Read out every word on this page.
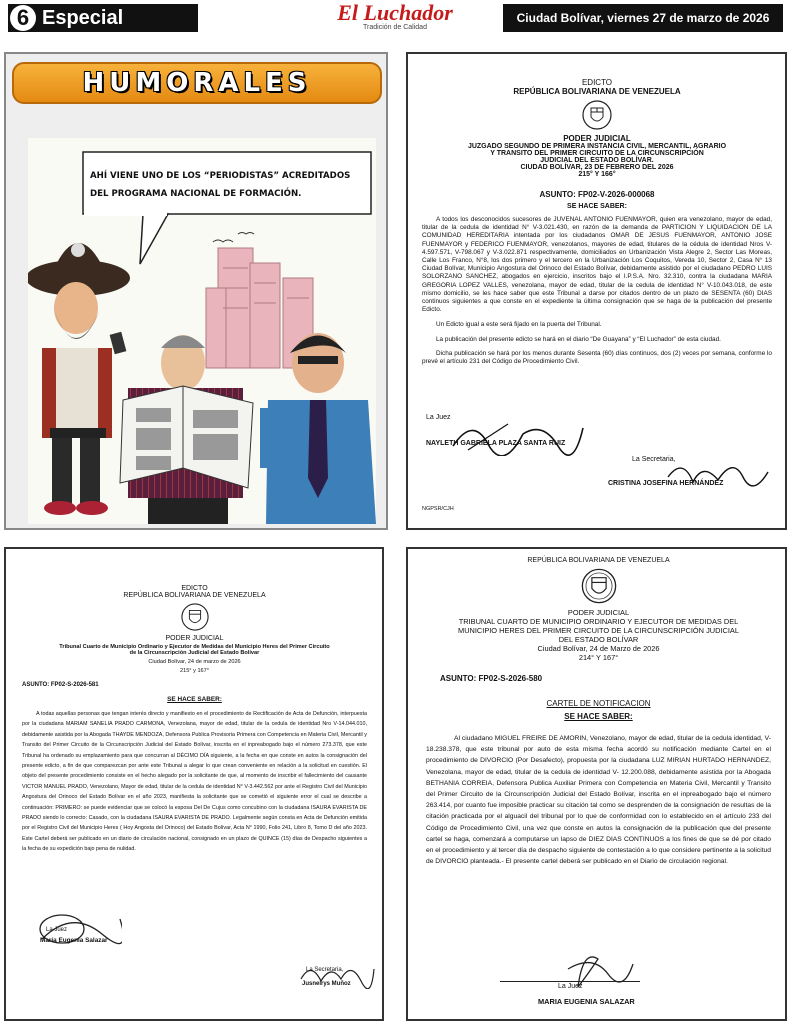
6 Especial	El Luchador
Tradición de Calidad
Ciudad Bolívar, viernes 27 de marzo de 2026
HUMORALES
AHÍ VIENE UNO DE LOS “PERIODISTAS” ACREDITADOS
DEL PROGRAMA NACIONAL DE FORMACIÓN.
EDICTO
REPÚBLICA BOLIVARIANA DE VENEZUELA
PODER JUDICIAL
JUZGADO SEGUNDO DE PRIMERA INSTANCIA CIVIL, MERCANTIL, AGRARIO
Y TRANSITO DEL PRIMER CIRCUITO DE LA CIRCUNSCRIPCIÓN
JUDICIAL DEL ESTADO BOLÍVAR.
CIUDAD BOLÍVAR, 23 DE FEBRERO DEL 2026
215° Y 166°
ASUNTO: FP02-V-2026-000068
SE HACE SABER:

A todos los desconocidos sucesores de JUVENAL ANTONIO FUENMAYOR, quien era venezolano, mayor de edad, titular de la cedula de identidad N° V-3.021.430, en razón de la demanda de PARTICION Y LIQUIDACION DE LA COMUNIDAD HEREDITARIA intentada por los ciudadanos OMAR DE JESUS FUENMAYOR, ANTONIO JOSE FUENMAYOR y FEDERICO FUENMAYOR, venezolanos, mayores de edad, titulares de la cédula de identidad Nros V-4.597.571, V-798.067 y V-3.022.871 respectivamente, domiciliados en Urbanización Vista Alegre 2, Sector Las Moreas, Calle Los Franco, N°8, los dos primero y el tercero en la Urbanización Los Coquitos, Vereda 10, Sector 2, Casa N° 13 Ciudad Bolívar, Municipio Angostura del Orinoco del Estado Bolívar, debidamente asistido por el ciudadano PEDRO LUIS SOLORZANO SANCHEZ, abogados en ejercicio, inscritos bajo el I.P.S.A. Nro. 32.310, contra la ciudadana MARIA GREGORIA LOPEZ VALLES, venezolana, mayor de edad, titular de la cedula de identidad N° V-10.043.018, de este mismo domicilio, se les hace saber que este Tribunal a darse por citados dentro de un plazo de SESENTA (60) DIAS continuos siguientes a que conste en el expediente la última consignación que se haga de la publicación del presente Edicto.

Un Edicto igual a este será fijado en la puerta del Tribunal.

La publicación del presente edicto se hará en el diario “De Guayana” y “El Luchador” de esta ciudad.

Dicha publicación se hará por los menos durante Sesenta (60) días continuos, dos (2) veces por semana, conforme lo prevé el artículo 231 del Código de Procedimiento Civil.

La Juez
NAYLETH GABRIELA PLAZA SANTA RUIZ
La Secretaria,
CRISTINA JOSEFINA HERNÁNDEZ
NGPSR/CJH
EDICTO
REPÚBLICA BOLIVARIANA DE VENEZUELA
PODER JUDICIAL
Tribunal Cuarto de Municipio Ordinario y Ejecutor de Medidas del Municipio Heres del Primer Circuito
de la Circunscripción Judicial del Estado Bolívar
Ciudad Bolívar, 24 de marzo de 2026
215° y 167°
ASUNTO: FP02-S-2026-581
SE HACE SABER:

A todas aquellas personas que tengan interés directo y manifiesto en el procedimiento de Rectificación de Acta de Defunción, interpuesta por la ciudadana MARIAM SANELIA PRADO CARMONA, Venezolana, mayor de edad, titular de la cedula de identidad Nro V-14.044.010, debidamente asistida por la Abogada THAYDE MENDOZA, Defensora Publica Provisoria Primera con Competencia en Materia Civil, Mercantil y Transito del Primer Circuito de la Circunscripción Judicial del Estado Bolívar, inscrita en el inpreabogado bajo el número 273.378, que este Tribunal ha ordenado su emplazamiento para que concurran al DÉCIMO DÍA siguiente, a la fecha en que conste en autos la consignación del presente edicto, a fin de que comparezcan por ante este Tribunal a alegar lo que crean conveniente en relación a la solicitud en cuestión. El objeto del presente procedimiento consiste en el hecho alegado por la solicitante de que, al momento de inscribir el fallecimiento del causante VICTOR MANUEL PRADO, Venezolano, Mayor de edad, titular de la cedula de identidad N° V-3.442.562 por ante el Registro Civil del Municipio Angostura del Orinoco del Estado Bolívar en el año 2023, manifiesta la solicitante que se cometió el siguiente error el cual se describe a continuación: PRIMERO: se puede evidenciar que se colocó la esposa Del De Cujus como concubino con la ciudadana ISAURA EVARISTA DE PRADO siendo lo correcto: Casado, con la ciudadana ISAURA EVARISTA DE PRADO. Legalmente según consta en Acta de Defunción emitida por el Registro Civil del Municipio Heres ( Hoy Angosta del Orinoco) del Estado Bolívar, Acta N° 1990, Folio 241, Libro 8, Tomo D del año 2023. Este Cartel deberá ser publicado en un diario de circulación nacional, consignado en un plazo de QUINCE (15) días de Despacho siguientes a la fecha de su expedición bajo pena de nulidad.

La Juez
María Eugenia Salazar
La Secretaria,
Jusneirys Muñoz
REPÚBLICA BOLIVARIANA DE VENEZUELA
PODER JUDICIAL
TRIBUNAL CUARTO DE MUNICIPIO ORDINARIO Y EJECUTOR DE MEDIDAS DEL
MUNICIPIO HERES DEL PRIMER CIRCUITO DE LA CIRCUNSCRIPCIÓN JUDICIAL
DEL ESTADO BOLÍVAR
Ciudad Bolívar, 24 de Marzo de 2026
214° Y 167°
ASUNTO: FP02-S-2026-580
CARTEL DE NOTIFICACION
SE HACE SABER:

Al ciudadano MIGUEL FREIRE DE AMORIN, Venezolano, mayor de edad, titular de la cedula identidad, V- 18.238.378, que este tribunal por auto de esta misma fecha acordó su notificación mediante Cartel en el procedimiento de DIVORCIO (Por Desafecto), propuesta por la ciudadana LUZ MIRIAN HURTADO HERNANDEZ, Venezolana, mayor de edad, titular de la cedula de identidad V- 12.200.088, debidamente asistida por la Abogada BETHANIA CORREIA, Defensora Publica Auxiliar Primera con Competencia en Materia Civil, Mercantil y Transito del Primer Circuito de la Circunscripción Judicial del Estado Bolívar, inscrita en el inpreabogado bajo el número 263.414, por cuanto fue imposible practicar su citación tal como se desprenden de la consignación de resultas de la citación practicada por el alguacil del tribunal por lo que de conformidad con lo establecido en el artículo 233 del Código de Procedimiento Civil, una vez que conste en autos la consignación de la publicación que del presente cartel se haga, comenzará a computarse un lapso de DIEZ DIAS CONTINUOS a los fines de que se dé por citado en el procedimiento y al tercer día de despacho siguiente de contestación a lo que considere pertinente a la solicitud de DIVORCIO planteada.- El presente cartel deberá ser publicado en el Diario de circulación regional.

La Juez
MARIA EUGENIA SALAZAR
